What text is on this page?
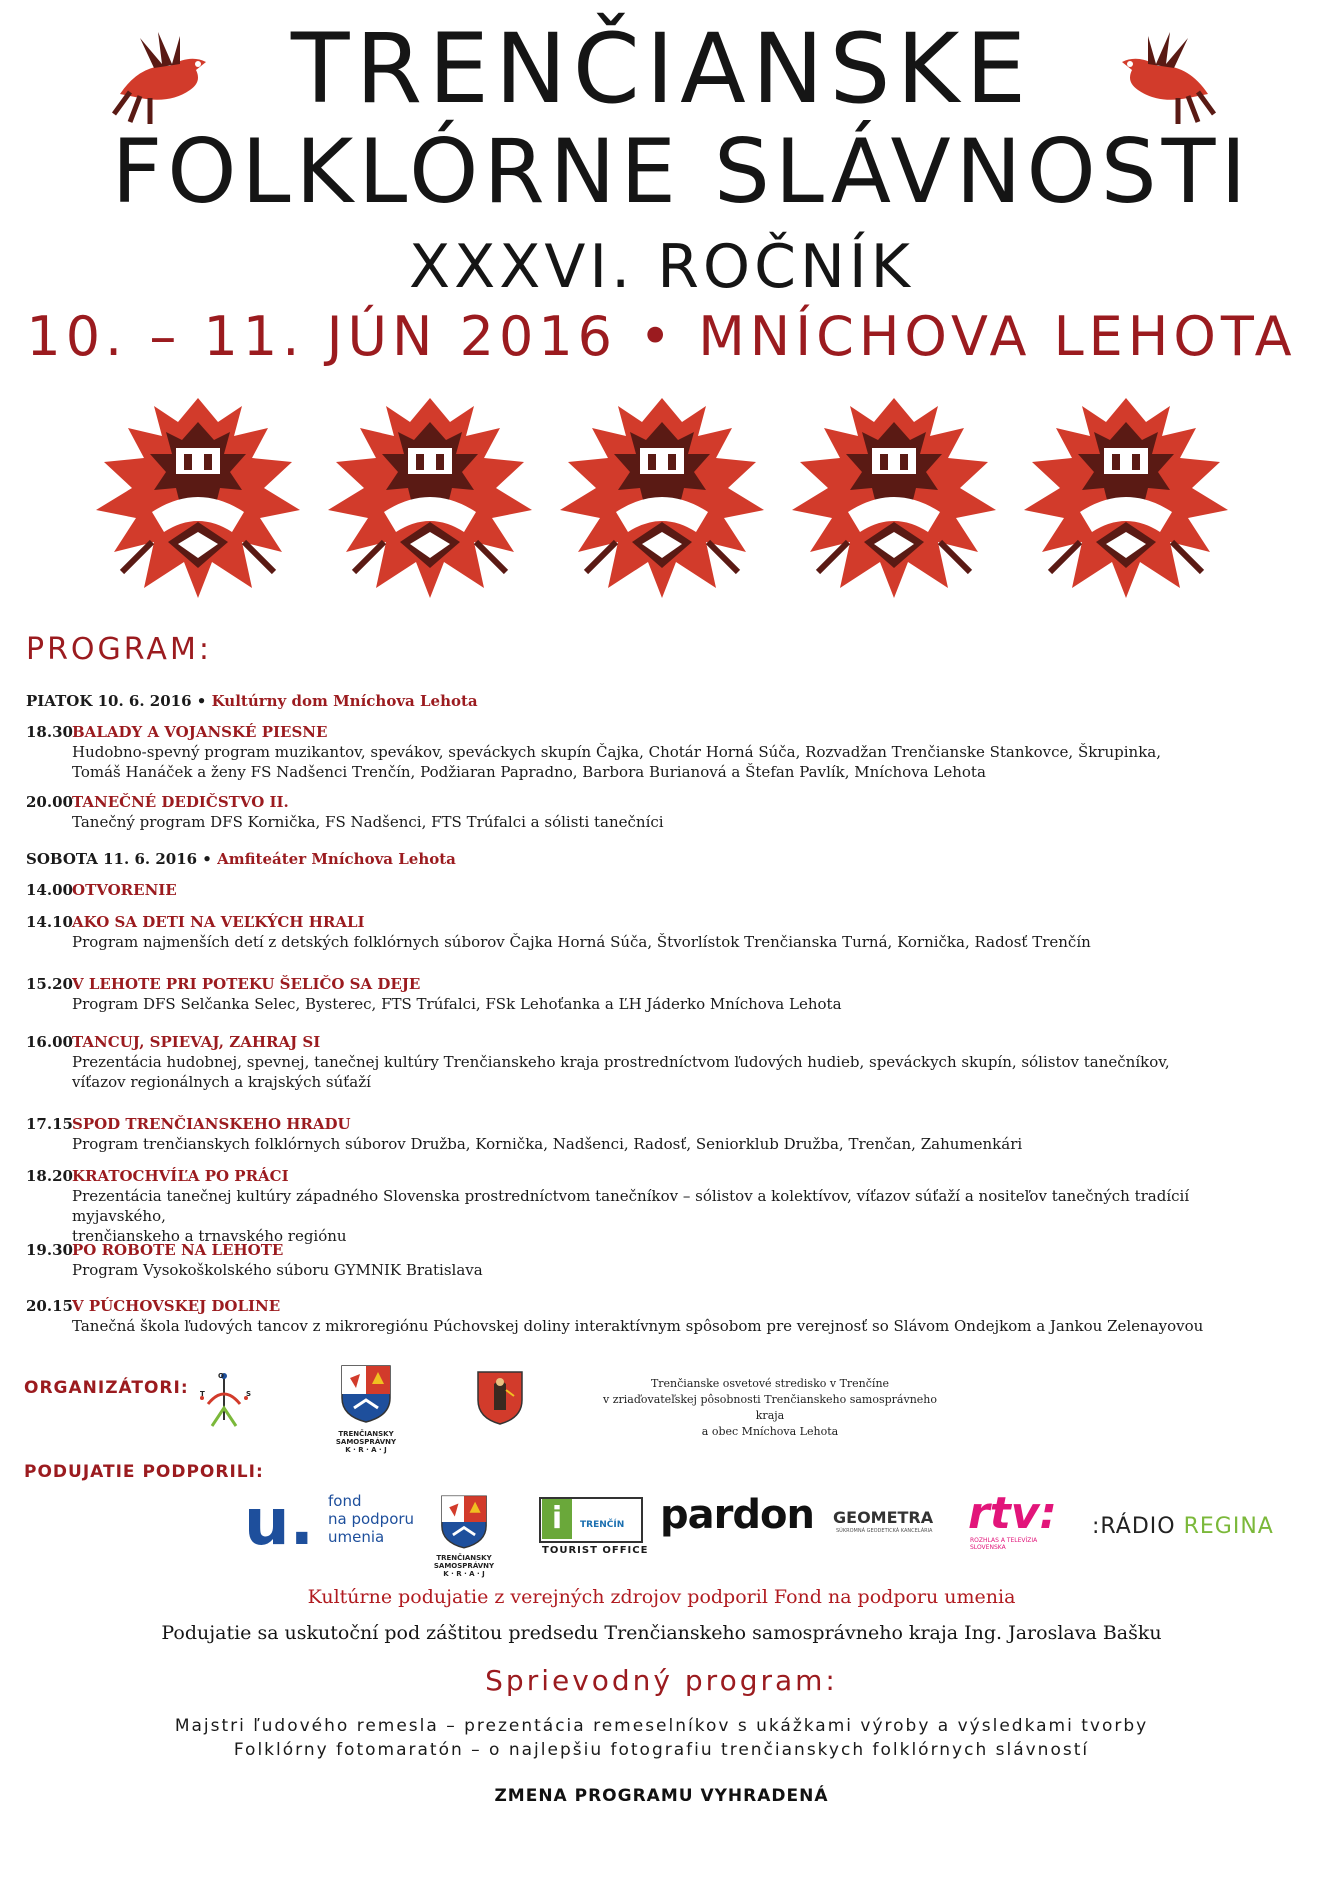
TRENČIANSKE
FOLKLÓRNE SLÁVNOSTI
XXXVI. ROČNÍK
10. – 11. JÚN 2016 • MNÍCHOVA LEHOTA
PROGRAM:
PIATOK 10. 6. 2016 • Kultúrny dom Mníchova Lehota
18.30BALADY A VOJANSKÉ PIESNE
Hudobno-spevný program muzikantov, spevákov, speváckych skupín Čajka, Chotár Horná Súča, Rozvadžan Trenčianske Stankovce, Škrupinka,
Tomáš Hanáček a ženy FS Nadšenci Trenčín, Podžiaran Papradno, Barbora Burianová a Štefan Pavlík, Mníchova Lehota
20.00TANEČNÉ DEDIČSTVO II.
Tanečný program DFS Kornička, FS Nadšenci, FTS Trúfalci a sólisti tanečníci
SOBOTA 11. 6. 2016 • Amfiteáter Mníchova Lehota
14.00OTVORENIE
14.10AKO SA DETI NA VEĽKÝCH HRALI
Program najmenších detí z detských folklórnych súborov Čajka Horná Súča, Štvorlístok Trenčianska Turná, Kornička, Radosť Trenčín
15.20V LEHOTE PRI POTEKU ŠELIČO SA DEJE
Program DFS Selčanka Selec, Bysterec, FTS Trúfalci, FSk Lehoťanka a ĽH Jáderko Mníchova Lehota
16.00TANCUJ, SPIEVAJ, ZAHRAJ SI
Prezentácia hudobnej, spevnej, tanečnej kultúry Trenčianskeho kraja prostredníctvom ľudových hudieb, speváckych skupín, sólistov tanečníkov,
víťazov regionálnych a krajských súťaží
17.15SPOD TRENČIANSKEHO HRADU
Program trenčianskych folklórnych súborov Družba, Kornička, Nadšenci, Radosť, Seniorklub Družba, Trenčan, Zahumenkári
18.20KRATOCHVÍĽA PO PRÁCI
Prezentácia tanečnej kultúry západného Slovenska prostredníctvom tanečníkov – sólistov a kolektívov, víťazov súťaží a nositeľov tanečných tradícií myjavského,
trenčianskeho a trnavského regiónu
19.30PO ROBOTE NA LEHOTE
Program Vysokoškolského súboru GYMNIK Bratislava
20.15V PÚCHOVSKEJ DOLINE
Tanečná škola ľudových tancov z mikroregiónu Púchovskej doliny interaktívnym spôsobom pre verejnosť so Slávom Ondejkom a Jankou Zelenayovou
ORGANIZÁTORI:
O
T	S
TRENČIANSKY
SAMOSPRÁVNY
K · R · A · J
Trenčianske osvetové stredisko v Trenčíne
v zriaďovateľskej pôsobnosti Trenčianskeho samosprávneho kraja
a obec Mníchova Lehota
PODUJATIE PODPORILI:
u. fond
na podporu
umenia
TRENČIANSKY
SAMOSPRÁVNY
K · R · A · J
i	TRENČÍN
TOURIST OFFICE
pardon GEOMETRA
SÚKROMNÁ GEODETICKÁ KANCELÁRIA rtv:
ROZHLAS A TELEVÍZIA
SLOVENSKA
:RÁDIO REGINA
Kultúrne podujatie z verejných zdrojov podporil Fond na podporu umenia
Podujatie sa uskutoční pod záštitou predsedu Trenčianskeho samosprávneho kraja Ing. Jaroslava Bašku
Sprievodný program:
Majstri ľudového remesla – prezentácia remeselníkov s ukážkami výroby a výsledkami tvorby
Folklórny fotomaratón – o najlepšiu fotografiu trenčianskych folklórnych slávností
ZMENA PROGRAMU VYHRADENÁ
